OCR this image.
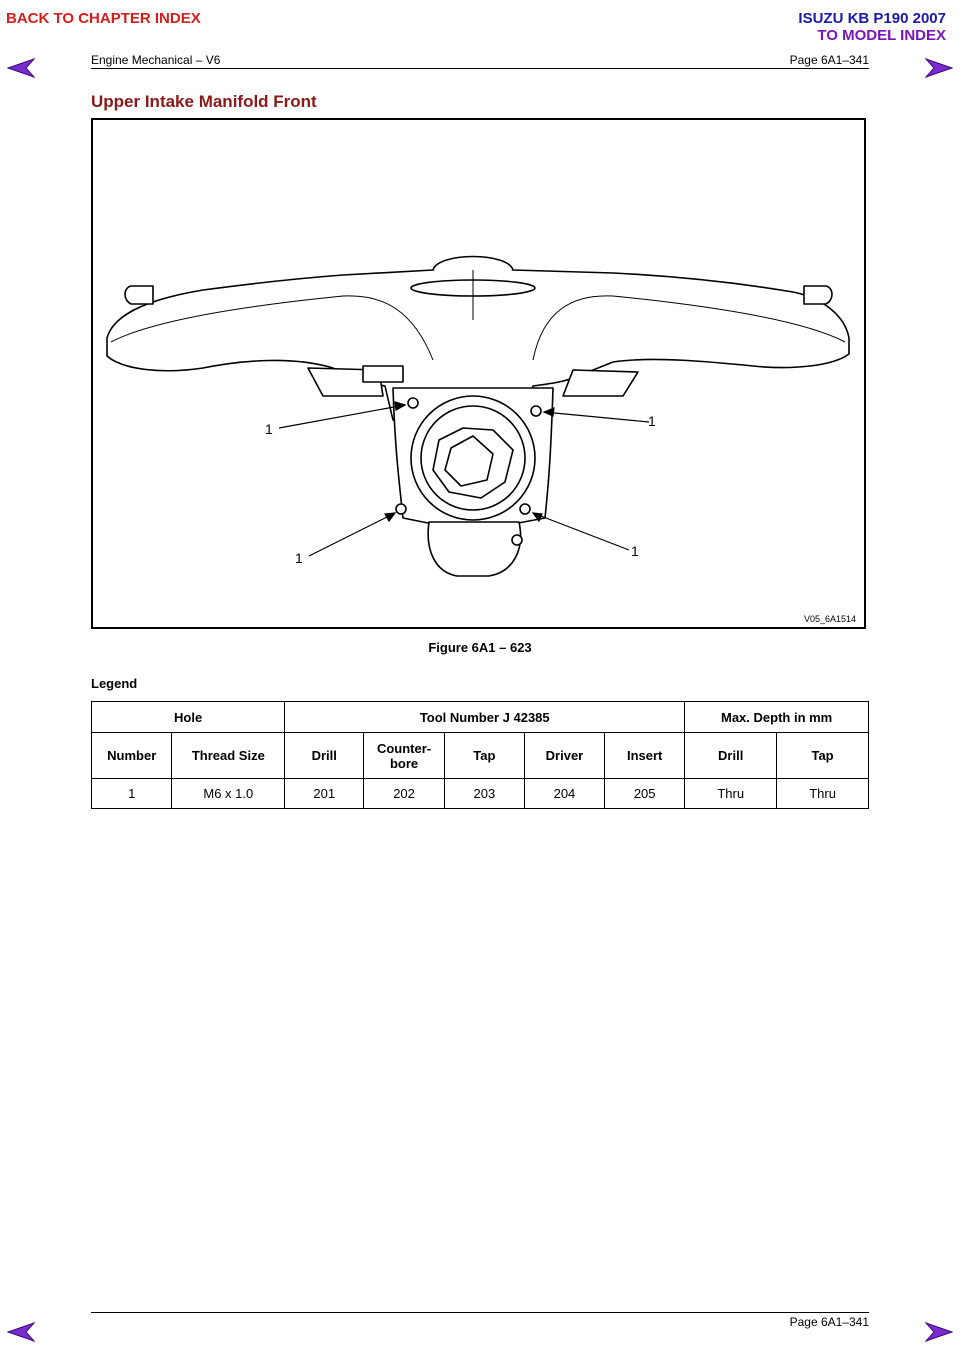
BACK TO CHAPTER INDEX	ISUZU KB P190 2007
TO MODEL INDEX
Engine Mechanical – V6	Page 6A1–341
Upper Intake Manifold Front
1	1
1	1
V05_6A1514
Figure 6A1 – 623
Legend
Hole		Tool Number J 42385					Max. Depth in mm	
Number	Thread Size	Drill	Counter-bore	Tap	Driver	Insert	Drill	Tap
1	M6 x 1.0	201	202	203	204	205	Thru	Thru
Page 6A1–341
